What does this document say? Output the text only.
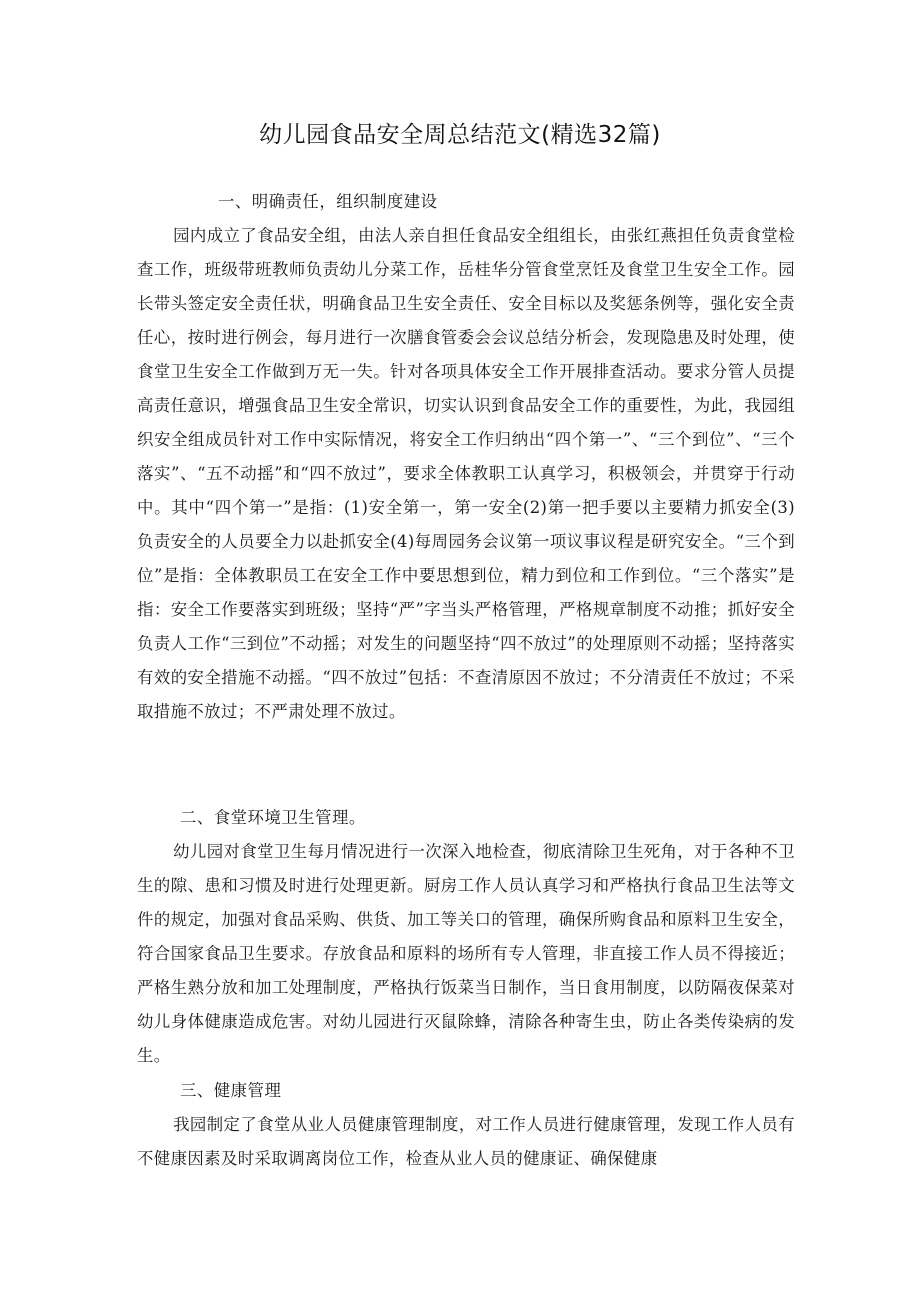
幼儿园食品安全周总结范文(精选32篇)
一、明确责任，组织制度建设

园内成立了食品安全组，由法人亲自担任食品安全组组长，由张红燕担任负责食堂检查工作，班级带班教师负责幼儿分菜工作，岳桂华分管食堂烹饪及食堂卫生安全工作。园长带头签定安全责任状，明确食品卫生安全责任、安全目标以及奖惩条例等，强化安全责任心，按时进行例会，每月进行一次膳食管委会会议总结分析会，发现隐患及时处理，使食堂卫生安全工作做到万无一失。针对各项具体安全工作开展排查活动。要求分管人员提高责任意识，增强食品卫生安全常识，切实认识到食品安全工作的重要性，为此，我园组织安全组成员针对工作中实际情况，将安全工作归纳出“四个第一”、“三个到位”、“三个落实”、“五不动摇”和“四不放过”，要求全体教职工认真学习，积极领会，并贯穿于行动中。其中“四个第一”是指：(1)安全第一，第一安全(2)第一把手要以主要精力抓安全(3)负责安全的人员要全力以赴抓安全(4)每周园务会议第一项议事议程是研究安全。“三个到位”是指：全体教职员工在安全工作中要思想到位，精力到位和工作到位。“三个落实”是指：安全工作要落实到班级；坚持“严”字当头严格管理，严格规章制度不动推；抓好安全负责人工作“三到位”不动摇；对发生的问题坚持“四不放过”的处理原则不动摇；坚持落实有效的安全措施不动摇。“四不放过”包括：不查清原因不放过；不分清责任不放过；不采取措施不放过；不严肃处理不放过。

二、食堂环境卫生管理。

幼儿园对食堂卫生每月情况进行一次深入地检查，彻底清除卫生死角，对于各种不卫生的隙、患和习惯及时进行处理更新。厨房工作人员认真学习和严格执行食品卫生法等文件的规定，加强对食品采购、供货、加工等关口的管理，确保所购食品和原料卫生安全，符合国家食品卫生要求。存放食品和原料的场所有专人管理，非直接工作人员不得接近；严格生熟分放和加工处理制度，严格执行饭菜当日制作，当日食用制度，以防隔夜保菜对幼儿身体健康造成危害。对幼儿园进行灭鼠除蜂，清除各种寄生虫，防止各类传染病的发生。

三、健康管理

我园制定了食堂从业人员健康管理制度，对工作人员进行健康管理，发现工作人员有不健康因素及时采取调离岗位工作，检查从业人员的健康证、确保健康
